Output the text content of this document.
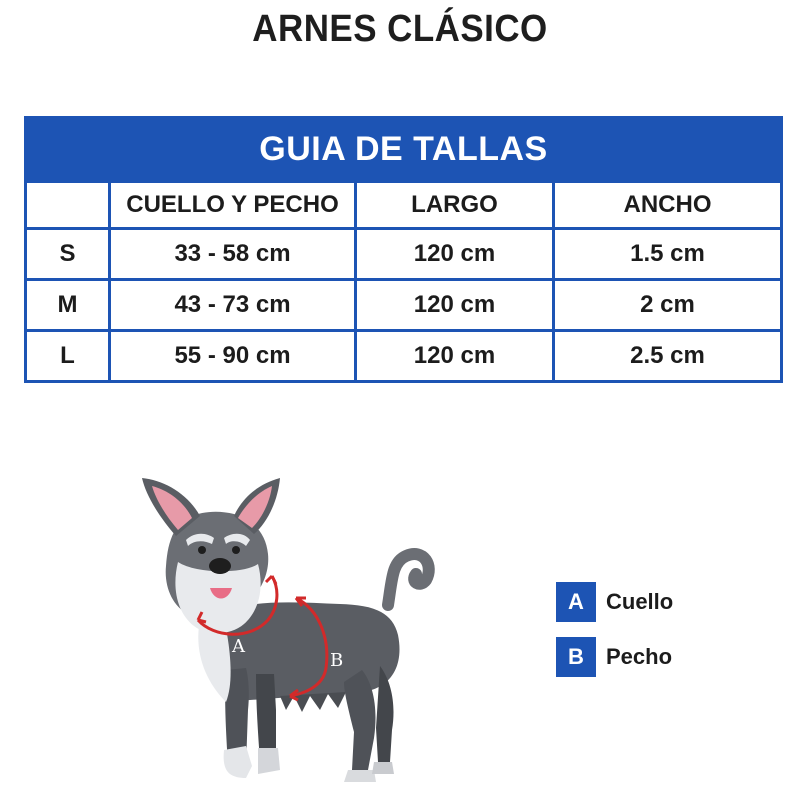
ARNES CLÁSICO
GUIA DE TALLAS			
	CUELLO Y PECHO	LARGO	ANCHO
S	33 - 58 cm	120 cm	1.5 cm
M	43 - 73 cm	120 cm	2 cm
L	55 - 90 cm	120 cm	2.5 cm
A
B
A	Cuello
B	Pecho
